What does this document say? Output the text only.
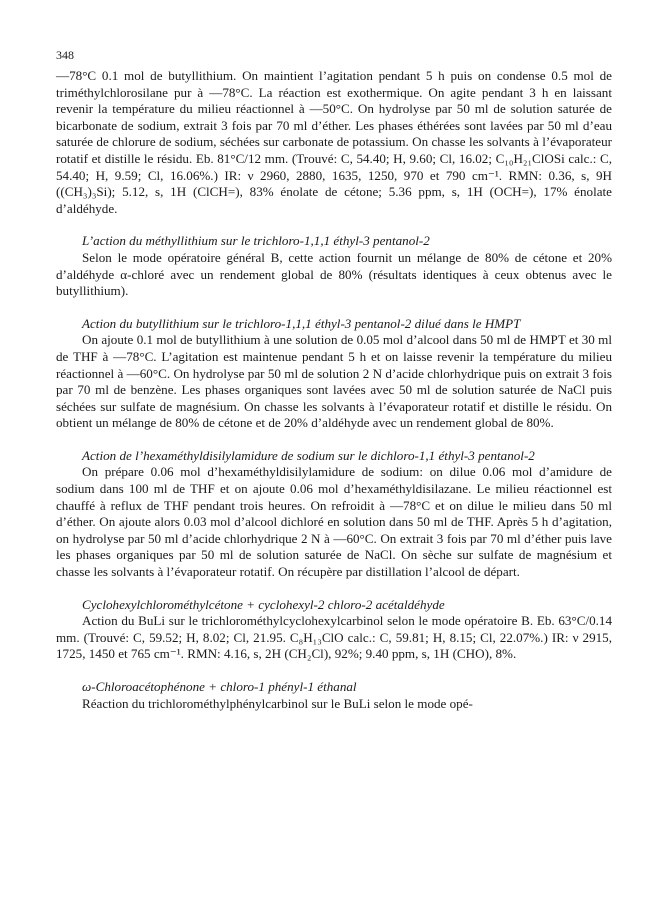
348

—78°C 0.1 mol de butyllithium. On maintient l’agitation pendant 5 h puis on condense 0.5 mol de triméthylchlorosilane pur à —78°C. La réaction est exothermique. On agite pendant 3 h en laissant revenir la température du milieu réactionnel à —50°C. On hydrolyse par 50 ml de solution saturée de bicarbonate de sodium, extrait 3 fois par 70 ml d’éther. Les phases éthérées sont lavées par 50 ml d’eau saturée de chlorure de sodium, séchées sur carbonate de potassium. On chasse les solvants à l’évaporateur rotatif et distille le résidu. Eb. 81°C/12 mm. (Trouvé: C, 54.40; H, 9.60; Cl, 16.02; C₁₀H₂₁ClOSi calc.: C, 54.40; H, 9.59; Cl, 16.06%.) IR: ν 2960, 2880, 1635, 1250, 970 et 790 cm⁻¹. RMN: 0.36, s, 9H ((CH₃)₃Si); 5.12, s, 1H (ClCH=), 83% énolate de cétone; 5.36 ppm, s, 1H (OCH=), 17% énolate d’aldéhyde.

L’action du méthyllithium sur le trichloro-1,1,1 éthyl-3 pentanol-2

Selon le mode opératoire général B, cette action fournit un mélange de 80% de cétone et 20% d’aldéhyde α-chloré avec un rendement global de 80% (résultats identiques à ceux obtenus avec le butyllithium).

Action du butyllithium sur le trichloro-1,1,1 éthyl-3 pentanol-2 dilué dans le HMPT

On ajoute 0.1 mol de butyllithium à une solution de 0.05 mol d’alcool dans 50 ml de HMPT et 30 ml de THF à —78°C. L’agitation est maintenue pendant 5 h et on laisse revenir la température du milieu réactionnel à —60°C. On hydrolyse par 50 ml de solution 2 N d’acide chlorhydrique puis on extrait 3 fois par 70 ml de benzène. Les phases organiques sont lavées avec 50 ml de solution saturée de NaCl puis séchées sur sulfate de magnésium. On chasse les solvants à l’évaporateur rotatif et distille le résidu. On obtient un mélange de 80% de cétone et de 20% d’aldéhyde avec un rendement global de 80%.

Action de l’hexaméthyldisilylamidure de sodium sur le dichloro-1,1 éthyl-3 pentanol-2

On prépare 0.06 mol d’hexaméthyldisilylamidure de sodium: on dilue 0.06 mol d’amidure de sodium dans 100 ml de THF et on ajoute 0.06 mol d’hexaméthyldisilazane. Le milieu réactionnel est chauffé à reflux de THF pendant trois heures. On refroidit à —78°C et on dilue le milieu dans 50 ml d’éther. On ajoute alors 0.03 mol d’alcool dichloré en solution dans 50 ml de THF. Après 5 h d’agitation, on hydrolyse par 50 ml d’acide chlorhydrique 2 N à —60°C. On extrait 3 fois par 70 ml d’éther puis lave les phases organiques par 50 ml de solution saturée de NaCl. On sèche sur sulfate de magnésium et chasse les solvants à l’évaporateur rotatif. On récupère par distillation l’alcool de départ.

Cyclohexylchlorométhylcétone + cyclohexyl-2 chloro-2 acétaldéhyde

Action du BuLi sur le trichlorométhylcyclohexylcarbinol selon le mode opératoire B. Eb. 63°C/0.14 mm. (Trouvé: C, 59.52; H, 8.02; Cl, 21.95. C₈H₁₃ClO calc.: C, 59.81; H, 8.15; Cl, 22.07%.) IR: ν 2915, 1725, 1450 et 765 cm⁻¹. RMN: 4.16, s, 2H (CH₂Cl), 92%; 9.40 ppm, s, 1H (CHO), 8%.

ω-Chloroacétophénone + chloro-1 phényl-1 éthanal

Réaction du trichlorométhylphénylcarbinol sur le BuLi selon le mode opé-
